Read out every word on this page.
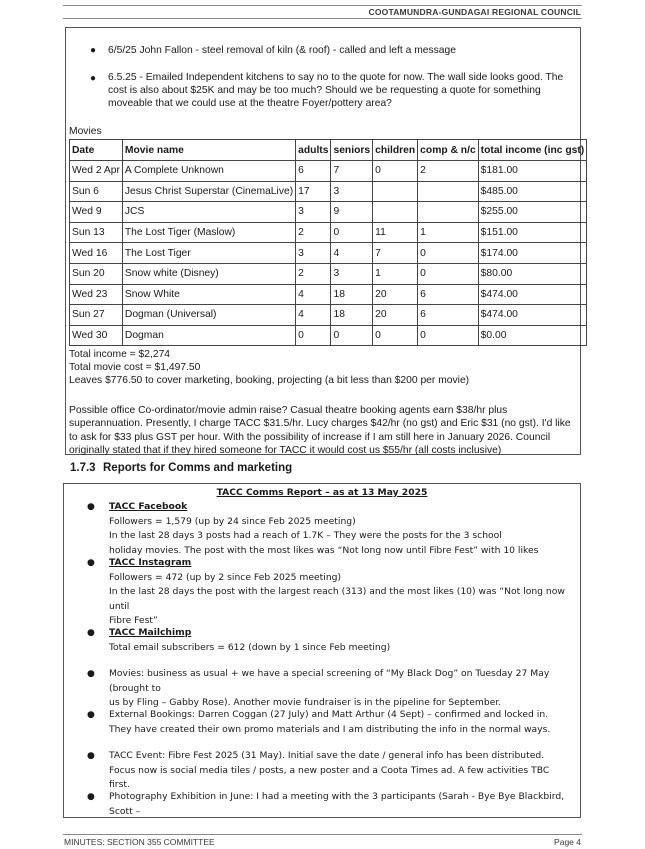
COOTAMUNDRA-GUNDAGAI REGIONAL COUNCIL
●	6/5/25 John Fallon - steel removal of kiln (& roof) - called and left a message
●	6.5.25 - Emailed Independent kitchens to say no to the quote for now. The wall side looks good. The cost is also about $25K and may be too much? Should we be requesting a quote for something moveable that we could use at the theatre Foyer/pottery area?
Movies
Date	Movie name	adults	seniors	children	comp & n/c	total income (inc gst)
Wed 2 Apr	A Complete Unknown	6	7	0	2	$181.00
Sun 6	Jesus Christ Superstar (CinemaLive)	17	3			$485.00
Wed 9	JCS	3	9			$255.00
Sun 13	The Lost Tiger (Maslow)	2	0	11	1	$151.00
Wed 16	The Lost Tiger	3	4	7	0	$174.00
Sun 20	Snow white (Disney)	2	3	1	0	$80.00
Wed 23	Snow White	4	18	20	6	$474.00
Sun 27	Dogman (Universal)	4	18	20	6	$474.00
Wed 30	Dogman	0	0	0	0	$0.00
Total income = $2,274
Total movie cost = $1,497.50
Leaves $776.50 to cover marketing, booking, projecting (a bit less than $200 per movie)
Possible office Co-ordinator/movie admin raise? Casual theatre booking agents earn $38/hr plus superannuation. Presently, I charge TACC $31.5/hr. Lucy charges $42/hr (no gst) and Eric $31 (no gst). I'd like to ask for $33 plus GST per hour. With the possibility of increase if I am still here in January 2026. Council originally stated that if they hired someone for TACC it would cost us $55/hr (all costs inclusive)
1.7.3 Reports for Comms and marketing
TACC Comms Report – as at 13 May 2025
● TACC Facebook
Followers = 1,579 (up by 24 since Feb 2025 meeting)
In the last 28 days 3 posts had a reach of 1.7K – They were the posts for the 3 school
holiday movies. The post with the most likes was “Not long now until Fibre Fest” with 10 likes
● TACC Instagram
Followers = 472 (up by 2 since Feb 2025 meeting)
In the last 28 days the post with the largest reach (313) and the most likes (10) was “Not long now until
Fibre Fest”
● TACC Mailchimp
Total email subscribers = 612 (down by 1 since Feb meeting)
● Movies: business as usual + we have a special screening of “My Black Dog” on Tuesday 27 May (brought to
us by Fling – Gabby Rose). Another movie fundraiser is in the pipeline for September.
● External Bookings: Darren Coggan (27 July) and Matt Arthur (4 Sept) – confirmed and locked in.
They have created their own promo materials and I am distributing the info in the normal ways.
● TACC Event: Fibre Fest 2025 (31 May). Initial save the date / general info has been distributed.
Focus now is social media tiles / posts, a new poster and a Coota Times ad. A few activities TBC first.
● Photography Exhibition in June: I had a meeting with the 3 participants (Sarah - Bye Bye Blackbird, Scott –
MINUTES: SECTION 355 COMMITTEE	Page 4
